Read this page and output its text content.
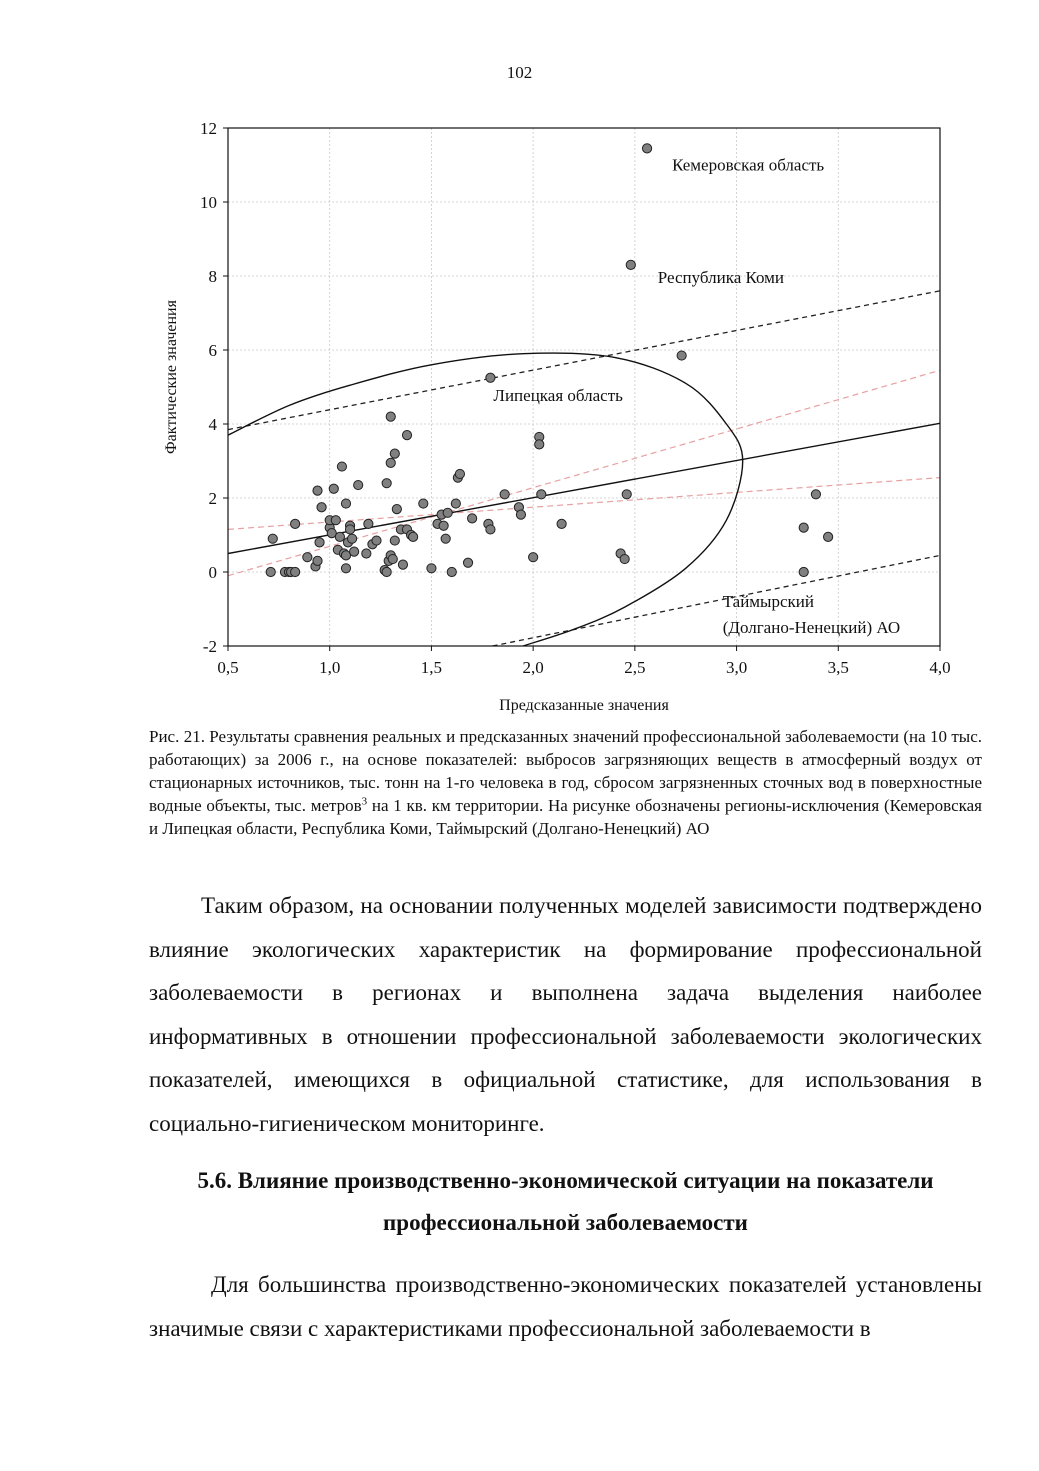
102
0,5	1,0	1,5	2,0	2,5	3,0	3,5	4,0
-2
0
2
4
6
8
10
12
Предсказанные значения
Фактические значения
Кемеровская область
Республика Коми
Липецкая область
Таймырский
(Долгано-Ненецкий) АО
Рис. 21. Результаты сравнения реальных и предсказанных значений профессиональной заболеваемости (на 10 тыс. работающих) за 2006 г., на основе показателей: выбросов загрязняющих веществ в атмосферный воздух от стационарных источников, тыс. тонн на 1-го человека в год, сбросом загрязненных сточных вод в поверхностные водные объекты, тыс. метров$^3$ на 1 кв. км территории. На рисунке обозначены регионы-исключения (Кемеровская и Липецкая области, Республика Коми, Таймырский (Долгано-Ненецкий) АО

Таким образом, на основании полученных моделей зависимости подтверждено влияние экологических характеристик на формирование профессиональной заболеваемости в регионах и выполнена задача выделения наиболее информативных в отношении профессиональной заболеваемости экологических показателей, имеющихся в официальной статистике, для использования в социально-гигиеническом мониторинге.

5.6. Влияние производственно-экономической ситуации на показатели профессиональной заболеваемости

Для большинства производственно-экономических показателей установлены значимые связи с характеристиками профессиональной заболеваемости в
